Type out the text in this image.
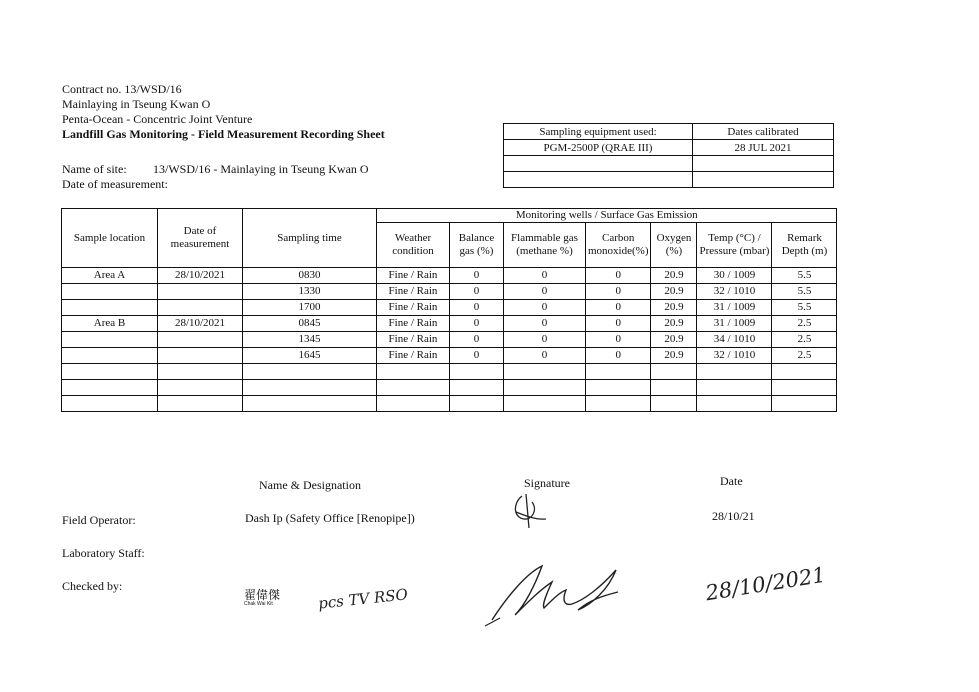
Contract no. 13/WSD/16
Mainlaying in Tseung Kwan O
Penta-Ocean - Concentric Joint Venture
Landfill Gas Monitoring - Field Measurement Recording Sheet
Name of site: 13/WSD/16 - Mainlaying in Tseung Kwan O
Date of measurement:
Sampling equipment used:	Dates calibrated
PGM-2500P (QRAE III)	28 JUL 2021

Sample location	Date of measurement	Sampling time	Monitoring wells / Surface Gas Emission						
			Weather condition	Balance gas (%)	Flammable gas (methane %)	Carbon monoxide(%)	Oxygen (%)	Temp (°C) / Pressure (mbar)	Remark Depth (m)
Area A	28/10/2021	0830	Fine / Rain	0	0	0	20.9	30 / 1009	5.5
		1330	Fine / Rain	0	0	0	20.9	32 / 1010	5.5
		1700	Fine / Rain	0	0	0	20.9	31 / 1009	5.5
Area B	28/10/2021	0845	Fine / Rain	0	0	0	20.9	31 / 1009	2.5
		1345	Fine / Rain	0	0	0	20.9	34 / 1010	2.5
		1645	Fine / Rain	0	0	0	20.9	32 / 1010	2.5

Name & Designation	Signature	Date
Field Operator:	Dash Ip (Safety Office [Renopipe])	28/10/21
Laboratory Staff:
Checked by:
翟偉傑
Chak Wai Kit	pcs TV RSO	28/10/2021
